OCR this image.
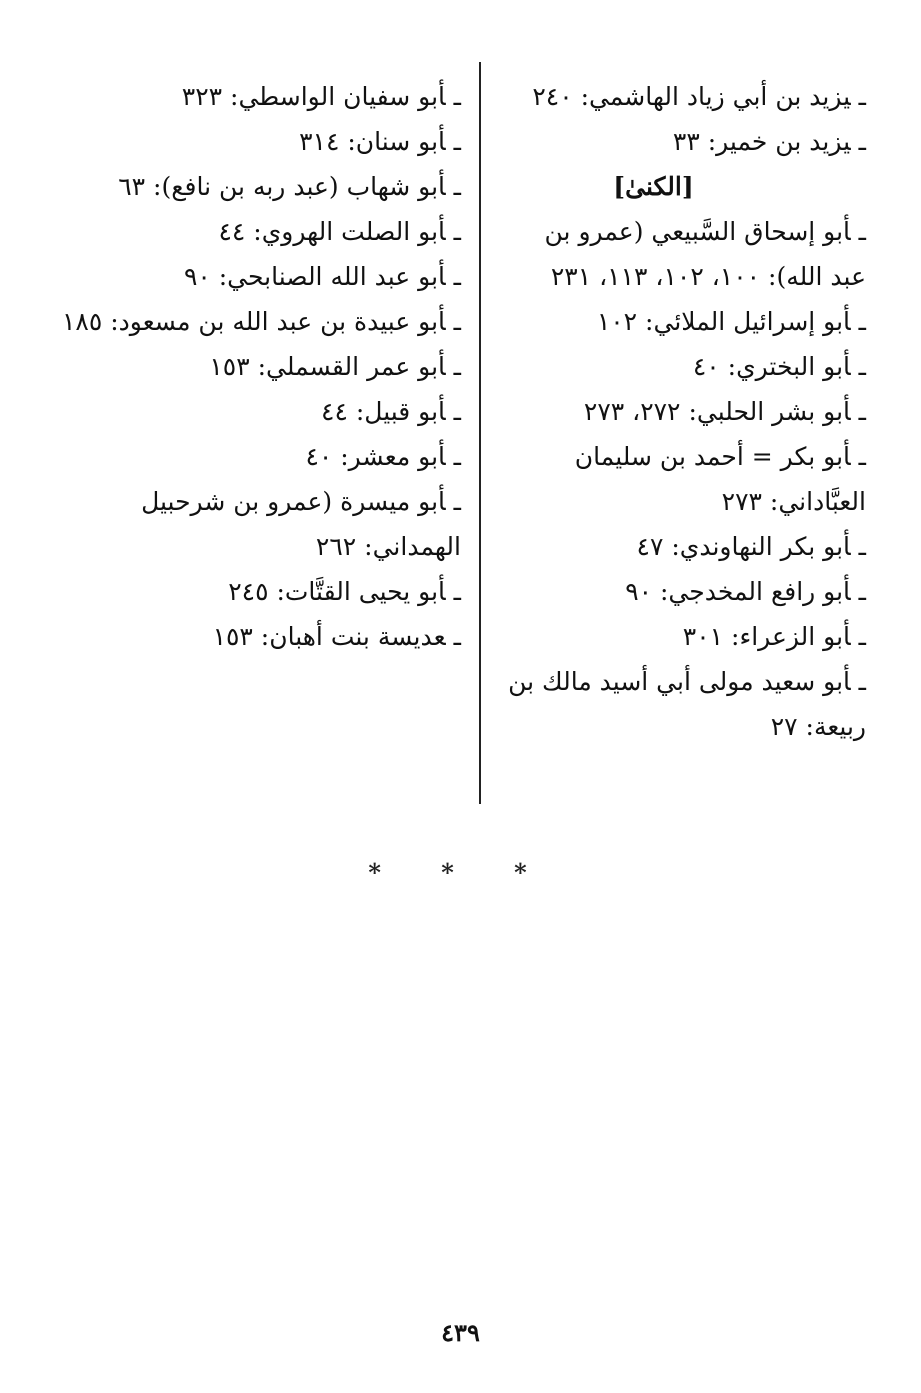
ـيزيد بن أبي زياد الهاشمي: ٢٤٠

ـيزيد بن خمير: ٣٣

[الكنىٰ]

ـأبو إسحاق السَّبيعي (عمرو بن
عبد الله): ١٠٠، ١٠٢، ١١٣، ٢٣١

ـأبو إسرائيل الملائي: ١٠٢

ـأبو البختري: ٤٠

ـأبو بشر الحلبي: ٢٧٢، ٢٧٣

ـأبو بكر = أحمد بن سليمان
العبَّاداني: ٢٧٣

ـأبو بكر النهاوندي: ٤٧

ـأبو رافع المخدجي: ٩٠

ـأبو الزعراء: ٣٠١

ـأبو سعيد مولى أبي أسيد مالك بن
ربيعة: ٢٧

ـأبو سفيان الواسطي: ٣٢٣

ـأبو سنان: ٣١٤

ـأبو شهاب (عبد ربه بن نافع): ٦٣

ـأبو الصلت الهروي: ٤٤

ـأبو عبد الله الصنابحي: ٩٠

ـأبو عبيدة بن عبد الله بن مسعود: ١٨٥

ـأبو عمر القسملي: ١٥٣

ـأبو قبيل: ٤٤

ـأبو معشر: ٤٠

ـأبو ميسرة (عمرو بن شرحبيل
الهمداني: ٢٦٢

ـأبو يحيى القتَّات: ٢٤٥

ـعديسة بنت أهبان: ١٥٣

* * *
٤٣٩
